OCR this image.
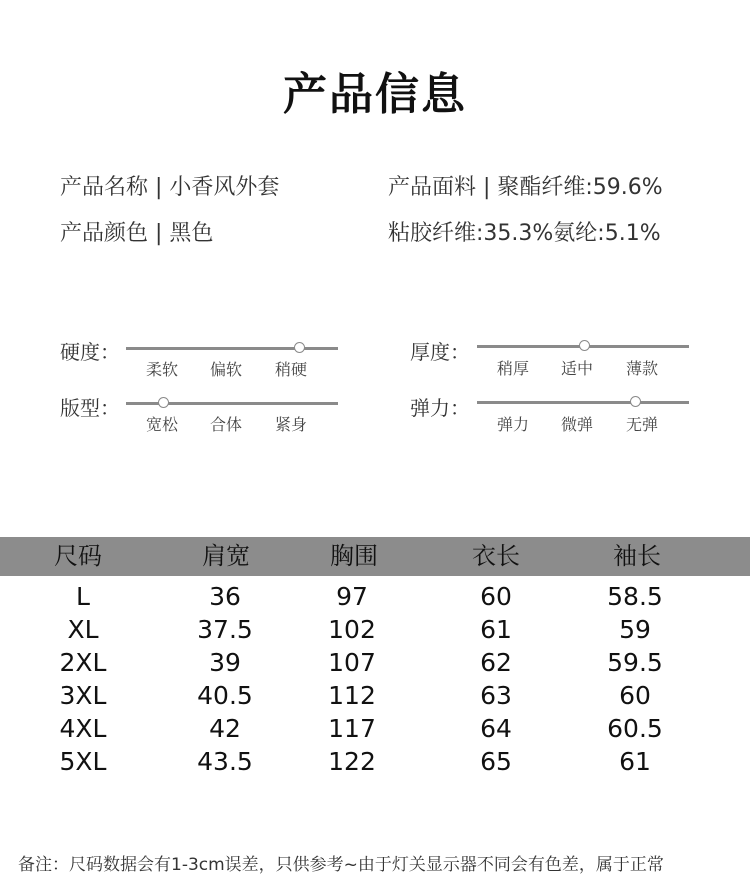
产品信息
产品名称 | 小香风外套
产品颜色 | 黑色
产品面料 | 聚酯纤维:59.6%
粘胶纤维:35.3%氨纶:5.1%
硬度：
柔软 偏软 稍硬
厚度：
稍厚 适中 薄款
版型：
宽松 合体 紧身
弹力：
弹力 微弹 无弹
尺码	肩宽	胸围	衣长	袖长
L	36	97	60	58.5
XL	37.5	102	61	59
2XL	39	107	62	59.5
3XL	40.5	112	63	60
4XL	42	117	64	60.5
5XL	43.5	122	65	61
备注：尺码数据会有1-3cm误差，只供参考~由于灯关显示器不同会有色差，属于正常
